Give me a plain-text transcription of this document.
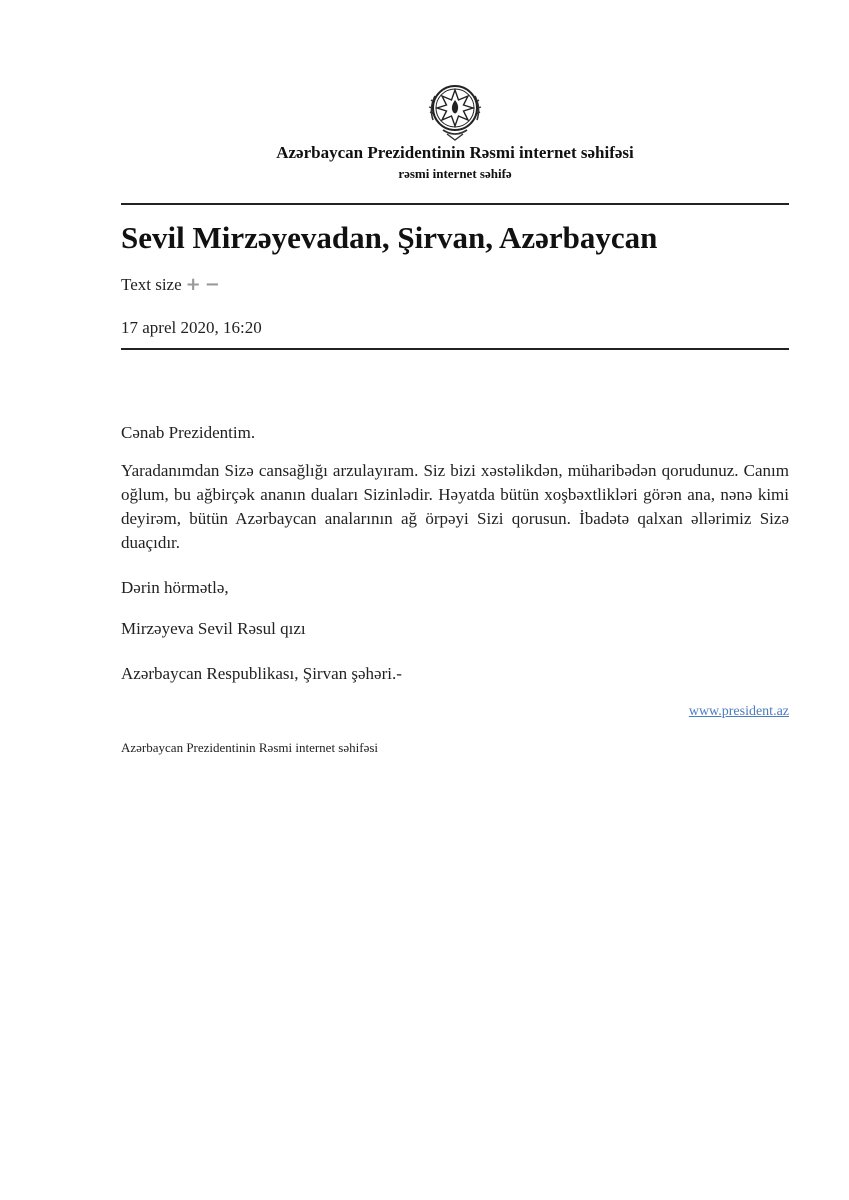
Azərbaycan Prezidentinin Rəsmi internet səhifəsi
rəsmi internet səhifə
Sevil Mirzəyevadan, Şirvan, Azərbaycan
Text size + −
17 aprel 2020, 16:20
Cənab Prezidentim.
Yaradanımdan Sizə cansağlığı arzulayıram. Siz bizi xəstəlikdən, müharibədən qorudunuz. Canım oğlum, bu ağbirçək ananın duaları Sizinlədir. Həyatda bütün xoşbəxtlikləri görən ana, nənə kimi deyirəm, bütün Azərbaycan analarının ağ örpəyi Sizi qorusun. İbadətə qalxan əllərimiz Sizə duaçıdır.
Dərin hörmətlə,
Mirzəyeva Sevil Rəsul qızı
Azərbaycan Respublikası, Şirvan şəhəri.-
www.president.az
Azərbaycan Prezidentinin Rəsmi internet səhifəsi
